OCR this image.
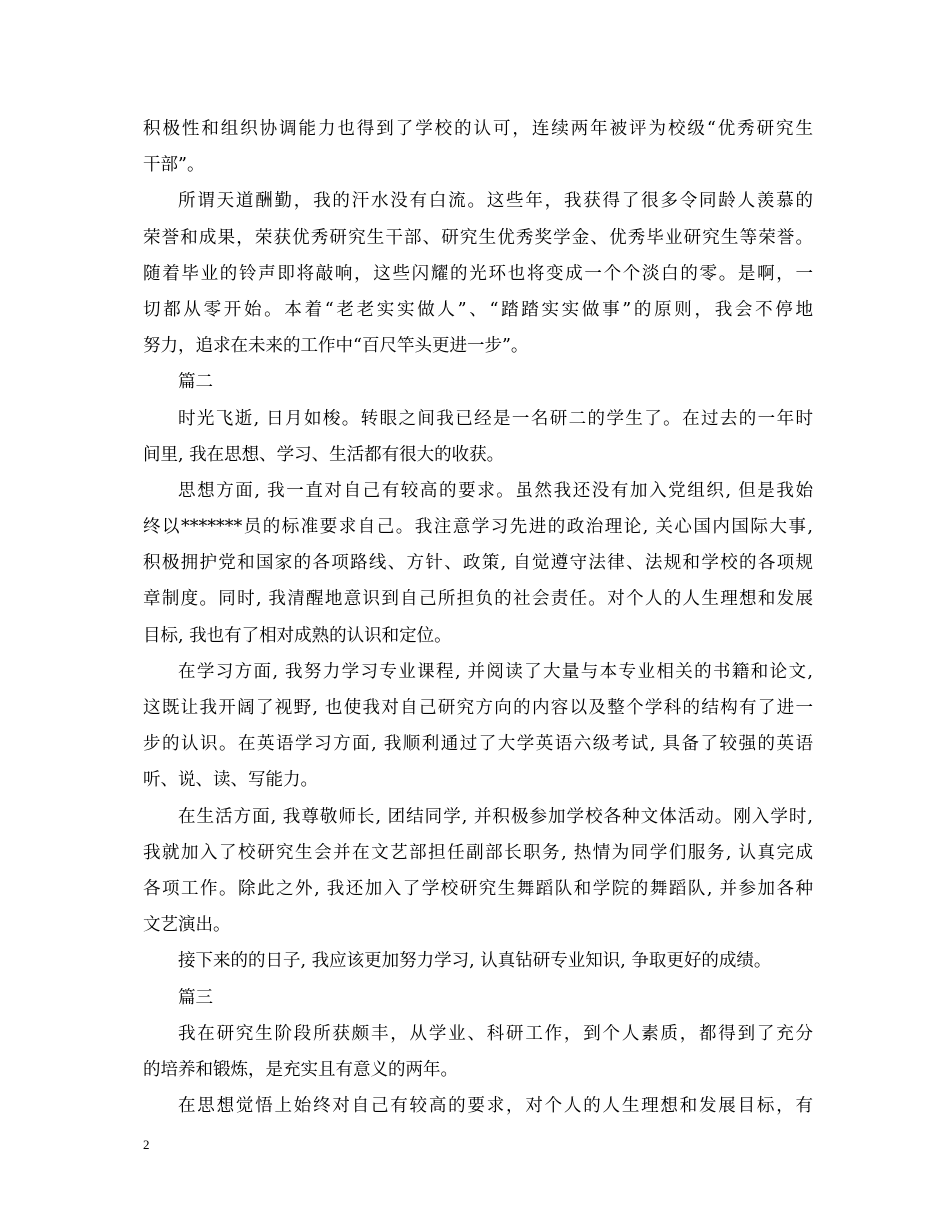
积极性和组织协调能力也得到了学校的认可，连续两年被评为校级“优秀研究生
干部”。
所谓天道酬勤，我的汗水没有白流。这些年，我获得了很多令同龄人羡慕的
荣誉和成果，荣获优秀研究生干部、研究生优秀奖学金、优秀毕业研究生等荣誉。
随着毕业的铃声即将敲响，这些闪耀的光环也将变成一个个淡白的零。是啊，一
切都从零开始。本着“老老实实做人”、“踏踏实实做事”的原则，我会不停地
努力，追求在未来的工作中“百尺竿头更进一步”。
篇二
时光飞逝, 日月如梭。转眼之间我已经是一名研二的学生了。在过去的一年时
间里, 我在思想、学习、生活都有很大的收获。
思想方面, 我一直对自己有较高的要求。虽然我还没有加入党组织, 但是我始
终以*******员的标准要求自己。我注意学习先进的政治理论, 关心国内国际大事,
积极拥护党和国家的各项路线、方针、政策, 自觉遵守法律、法规和学校的各项规
章制度。同时, 我清醒地意识到自己所担负的社会责任。对个人的人生理想和发展
目标, 我也有了相对成熟的认识和定位。
在学习方面, 我努力学习专业课程, 并阅读了大量与本专业相关的书籍和论文,
这既让我开阔了视野, 也使我对自己研究方向的内容以及整个学科的结构有了进一
步的认识。在英语学习方面, 我顺利通过了大学英语六级考试, 具备了较强的英语
听、说、读、写能力。
在生活方面, 我尊敬师长, 团结同学, 并积极参加学校各种文体活动。刚入学时,
我就加入了校研究生会并在文艺部担任副部长职务, 热情为同学们服务, 认真完成
各项工作。除此之外, 我还加入了学校研究生舞蹈队和学院的舞蹈队, 并参加各种
文艺演出。
接下来的的日子, 我应该更加努力学习, 认真钻研专业知识, 争取更好的成绩。
篇三
我在研究生阶段所获颇丰，从学业、科研工作，到个人素质，都得到了充分
的培养和锻炼，是充实且有意义的两年。
在思想觉悟上始终对自己有较高的要求，对个人的人生理想和发展目标，有
2
